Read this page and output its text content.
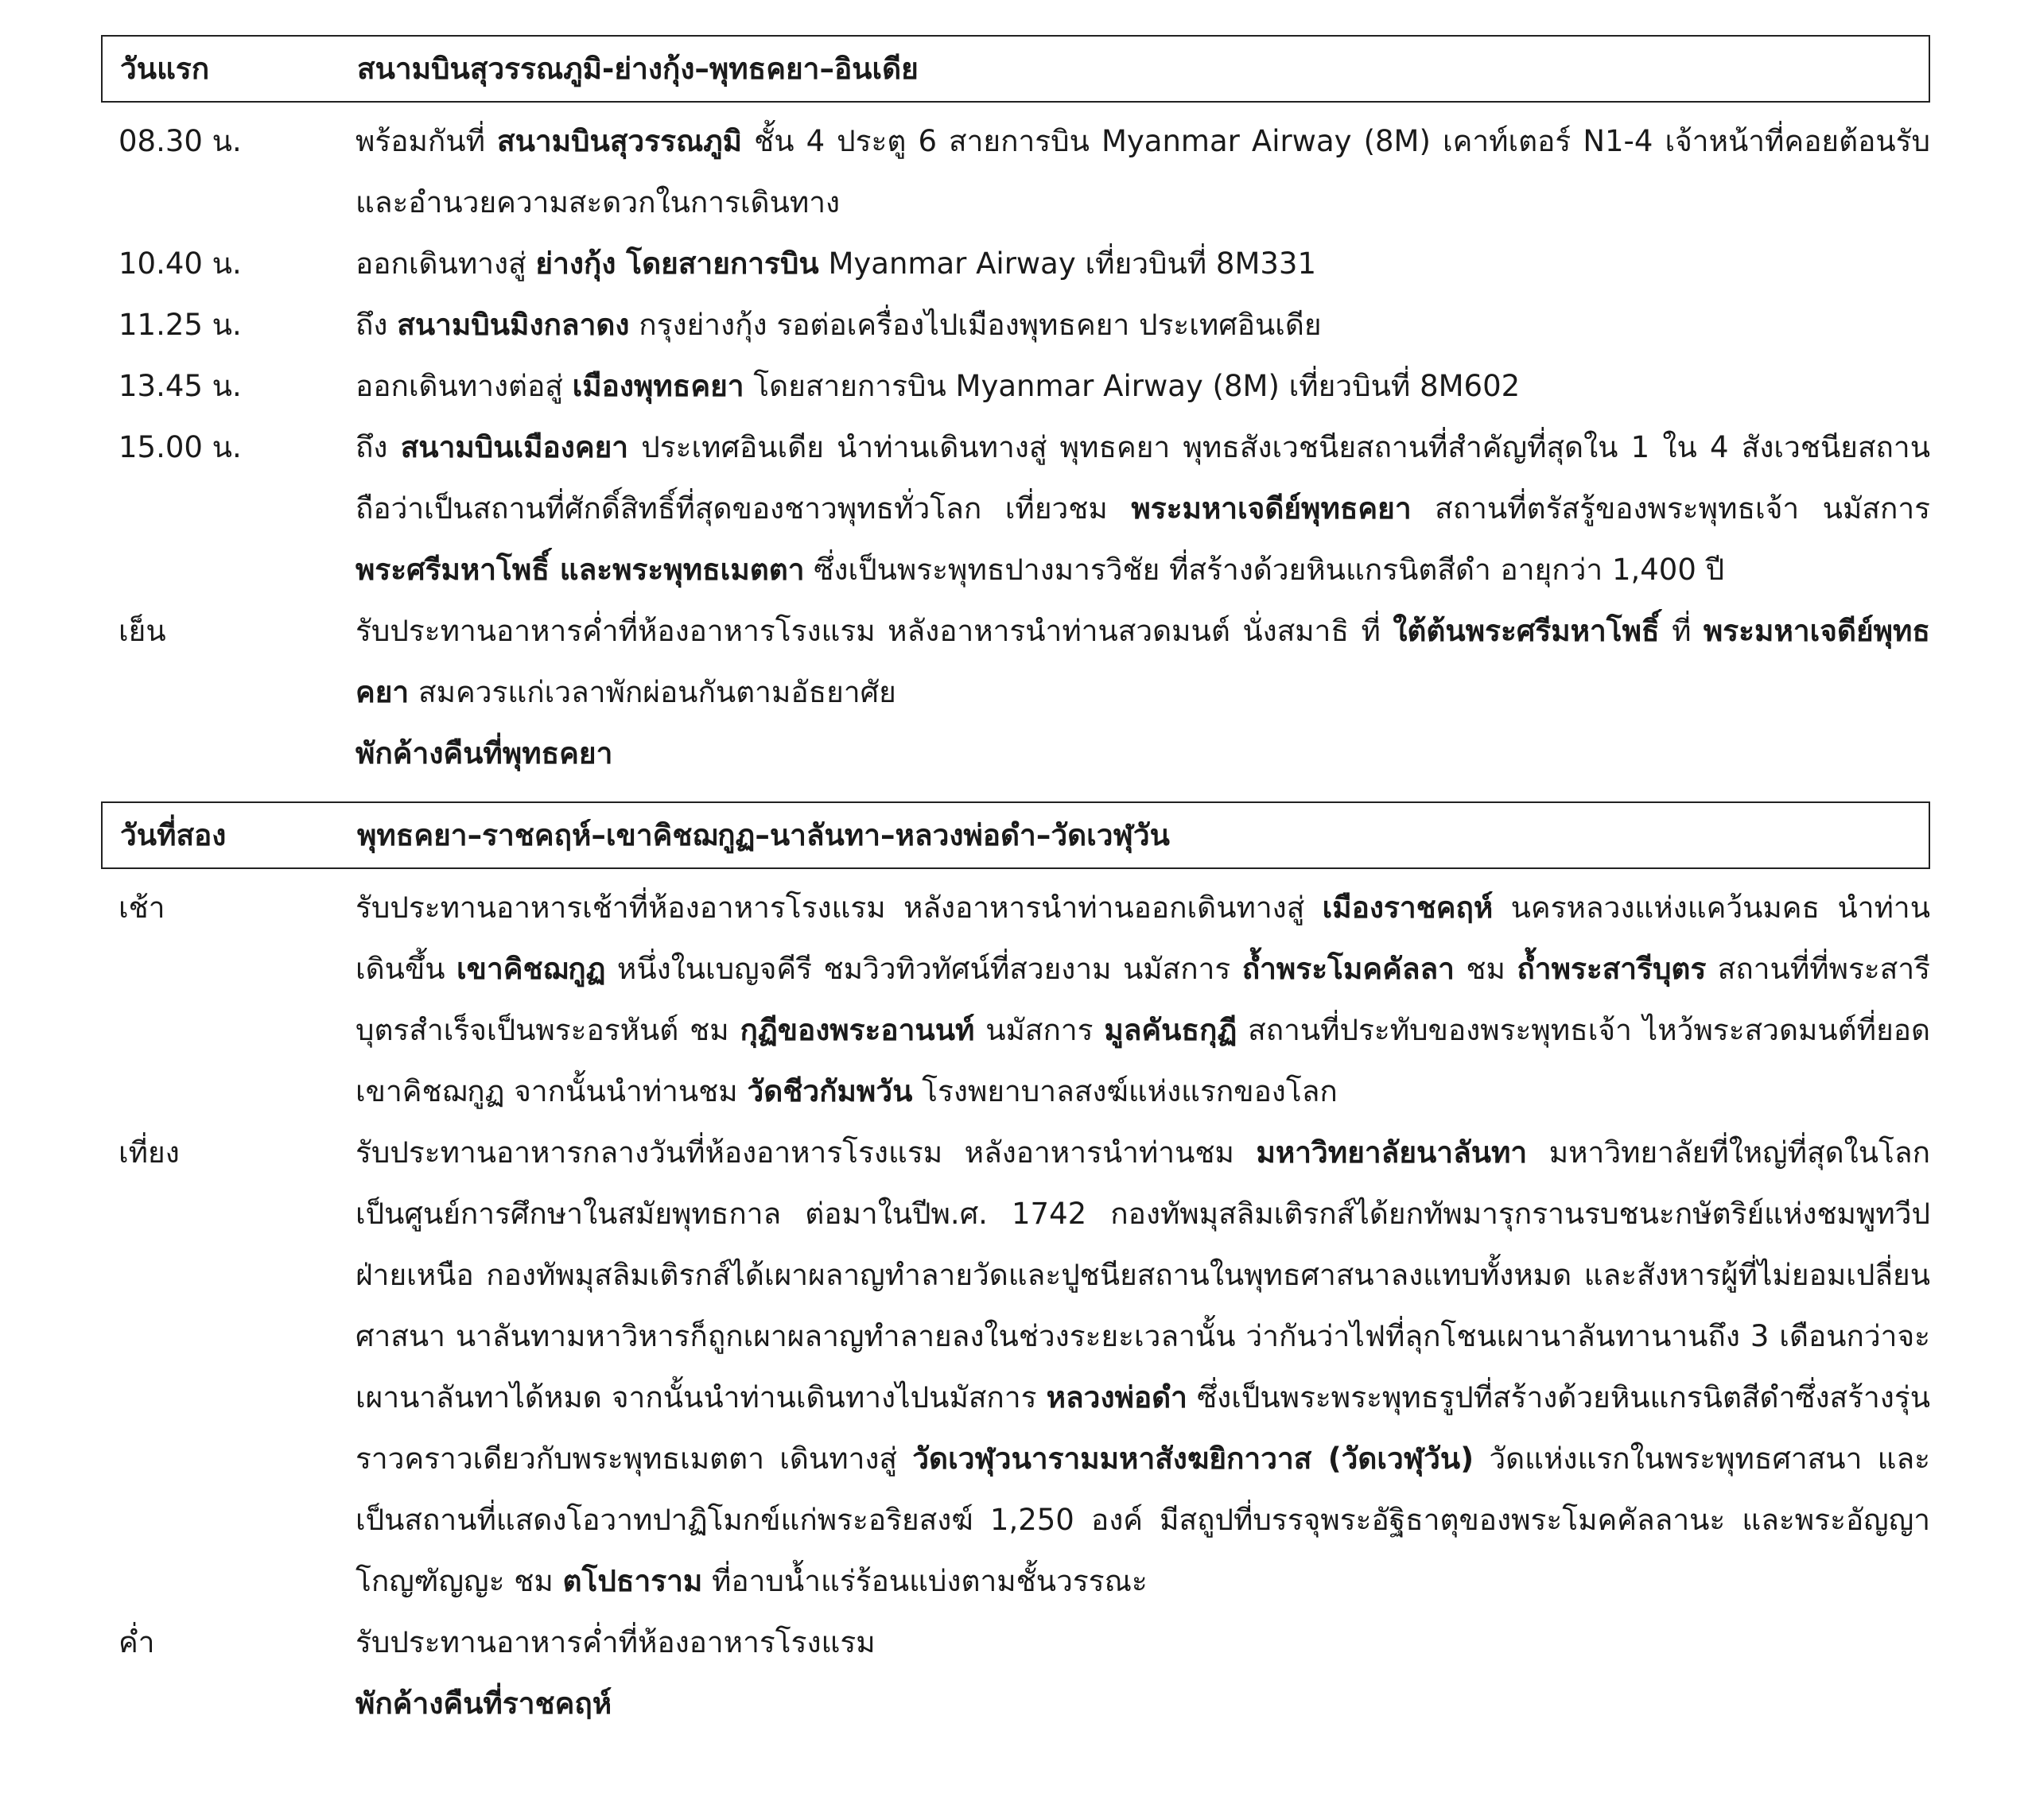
วันแรก	สนามบินสุวรรณภูมิ-ย่างกุ้ง–พุทธคยา–อินเดีย
08.30 น.	พร้อมกันที่ สนามบินสุวรรณภูมิ ชั้น 4 ประตู 6 สายการบิน Myanmar Airway (8M) เคาท์เตอร์ N1-4 เจ้าหน้าที่คอยต้อนรับและอำนวยความสะดวกในการเดินทาง
10.40 น.	ออกเดินทางสู่ ย่างกุ้ง โดยสายการบิน Myanmar Airway เที่ยวบินที่ 8M331
11.25 น.	ถึง สนามบินมิงกลาดง กรุงย่างกุ้ง รอต่อเครื่องไปเมืองพุทธคยา ประเทศอินเดีย
13.45 น.	ออกเดินทางต่อสู่ เมืองพุทธคยา โดยสายการบิน Myanmar Airway (8M) เที่ยวบินที่ 8M602
15.00 น.	ถึง สนามบินเมืองคยา ประเทศอินเดีย นำท่านเดินทางสู่ พุทธคยา พุทธสังเวชนียสถานที่สำคัญที่สุดใน 1 ใน 4 สังเวชนียสถาน ถือว่าเป็นสถานที่ศักดิ์สิทธิ์ที่สุดของชาวพุทธทั่วโลก เที่ยวชม พระมหาเจดีย์พุทธคยา สถานที่ตรัสรู้ของพระพุทธเจ้า นมัสการ พระศรีมหาโพธิ์ และพระพุทธเมตตา ซึ่งเป็นพระพุทธปางมารวิชัย ที่สร้างด้วยหินแกรนิตสีดำ อายุกว่า 1,400 ปี
เย็น	รับประทานอาหารค่ำที่ห้องอาหารโรงแรม หลังอาหารนำท่านสวดมนต์ นั่งสมาธิ ที่ ใต้ต้นพระศรีมหาโพธิ์ ที่ พระมหาเจดีย์พุทธคยา สมควรแก่เวลาพักผ่อนกันตามอัธยาศัย
พักค้างคืนที่พุทธคยา
วันที่สอง	พุทธคยา–ราชคฤห์–เขาคิชฌกูฏ–นาลันทา–หลวงพ่อดำ–วัดเวฬุวัน
เช้า	รับประทานอาหารเช้าที่ห้องอาหารโรงแรม หลังอาหารนำท่านออกเดินทางสู่ เมืองราชคฤห์ นครหลวงแห่งแคว้นมคธ นำท่านเดินขึ้น เขาคิชฌกูฏ หนึ่งในเบญจคีรี ชมวิวทิวทัศน์ที่สวยงาม นมัสการ ถ้ำพระโมคคัลลา ชม ถ้ำพระสารีบุตร สถานที่ที่พระสารีบุตรสำเร็จเป็นพระอรหันต์ ชม กุฏีของพระอานนท์ นมัสการ มูลคันธกุฏี สถานที่ประทับของพระพุทธเจ้า ไหว้พระสวดมนต์ที่ยอดเขาคิชฌกูฏ จากนั้นนำท่านชม วัดชีวกัมพวัน โรงพยาบาลสงฆ์แห่งแรกของโลก
เที่ยง	รับประทานอาหารกลางวันที่ห้องอาหารโรงแรม หลังอาหารนำท่านชม มหาวิทยาลัยนาลันทา มหาวิทยาลัยที่ใหญ่ที่สุดในโลก เป็นศูนย์การศึกษาในสมัยพุทธกาล ต่อมาในปีพ.ศ. 1742 กองทัพมุสลิมเติรกส์ได้ยกทัพมารุกรานรบชนะกษัตริย์แห่งชมพูทวีปฝ่ายเหนือ กองทัพมุสลิมเติรกส์ได้เผาผลาญทำลายวัดและปูชนียสถานในพุทธศาสนาลงแทบทั้งหมด และสังหารผู้ที่ไม่ยอมเปลี่ยนศาสนา นาลันทามหาวิหารก็ถูกเผาผลาญทำลายลงในช่วงระยะเวลานั้น ว่ากันว่าไฟที่ลุกโชนเผานาลันทานานถึง 3 เดือนกว่าจะเผานาลันทาได้หมด จากนั้นนำท่านเดินทางไปนมัสการ หลวงพ่อดำ ซึ่งเป็นพระพระพุทธรูปที่สร้างด้วยหินแกรนิตสีดำซึ่งสร้างรุ่นราวคราวเดียวกับพระพุทธเมตตา เดินทางสู่ วัดเวฬุวนารามมหาสังฆยิกาวาส (วัดเวฬุวัน) วัดแห่งแรกในพระพุทธศาสนา และเป็นสถานที่แสดงโอวาทปาฏิโมกข์แก่พระอริยสงฆ์ 1,250 องค์ มีสถูปที่บรรจุพระอัฐิธาตุของพระโมคคัลลานะ และพระอัญญาโกญฑัญญะ ชม ตโปธาราม ที่อาบน้ำแร่ร้อนแบ่งตามชั้นวรรณะ
ค่ำ	รับประทานอาหารค่ำที่ห้องอาหารโรงแรม
พักค้างคืนที่ราชคฤห์
